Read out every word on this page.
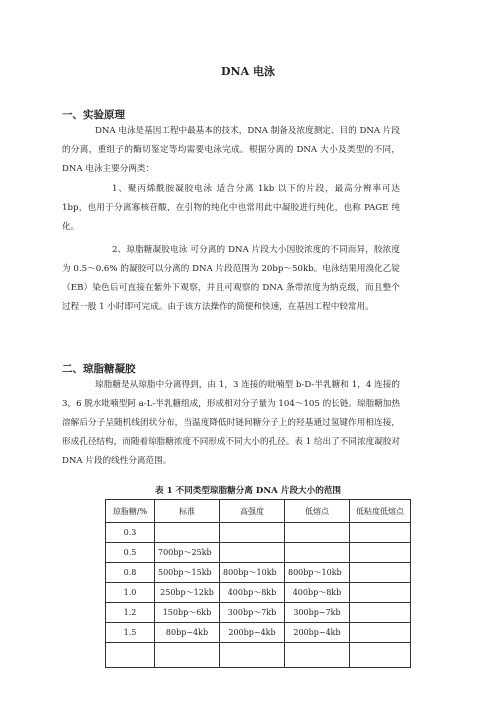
DNA 电泳
一、实验原理
DNA 电泳是基因工程中最基本的技术，DNA 制备及浓度测定、目的 DNA 片段的分离，重组子的酶切鉴定等均需要电泳完成。根据分离的 DNA 大小及类型的不同，DNA 电泳主要分两类：
1、聚丙烯酰胺凝胶电泳 适合分离 1kb 以下的片段，最高分辨率可达 1bp，也用于分离寡核苷酸，在引物的纯化中也常用此中凝胶进行纯化，也称 PAGE 纯化。
2、琼脂糖凝胶电泳 可分离的 DNA 片段大小因胶浓度的不同而异，胶浓度为 0.5～0.6% 的凝胶可以分离的 DNA 片段范围为 20bp～50kb。电泳结果用溴化乙锭（EB）染色后可直接在紫外下观察，并且可观察的 DNA 条带浓度为纳克级，而且整个过程一般 1 小时即可完成。由于该方法操作的简便和快速，在基因工程中较常用。
二、琼脂糖凝胶
琼脂糖是从琼脂中分离得到，由 1，3 连接的吡喃型 b-D-半乳糖和 1，4 连接的 3，6 脱水吡喃型阿 a-L-半乳糖组成，形成相对分子量为 104～105 的长链。琼脂糖加热溶解后分子呈随机线团状分布，当温度降低时链间糖分子上的羟基通过氢键作用相连接，形成孔径结构，而随着琼脂糖浓度不同形成不同大小的孔径。表 1 给出了不同浓度凝胶对 DNA 片段的线性分离范围。
表 1 不同类型琼脂糖分离 DNA 片段大小的范围
琼脂糖/%	标准	高强度	低熔点	低粘度低熔点
0.3				
0.5	700bp～25kb			
0.8	500bp～15kb	800bp～10kb	800bp～10kb	
1.0	250bp～12kb	400bp～8kb	400bp～8kb	
1.2	150bp～6kb	300bp～7kb	300bp~7kb	
1.5	80bp~4kb	200bp~4kb	200bp~4kb	
